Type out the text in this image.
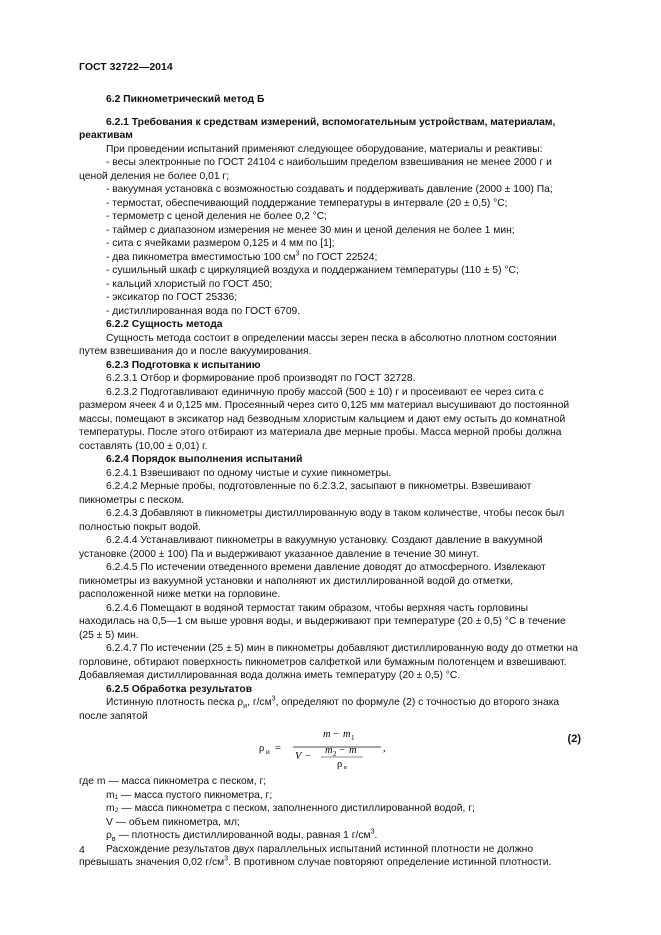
ГОСТ 32722—2014

6.2 Пикнометрический метод Б

6.2.1 Требования к средствам измерений, вспомогательным устройствам, материалам, реактивам

При проведении испытаний применяют следующее оборудование, материалы и реактивы:

- весы электронные по ГОСТ 24104 с наибольшим пределом взвешивания не менее 2000 г и ценой деления не более 0,01 г;

- вакуумная установка с возможностью создавать и поддерживать давление (2000 ± 100) Па;

- термостат, обеспечивающий поддержание температуры в интервале (20 ± 0,5) °С;

- термометр с ценой деления не более 0,2 °С;

- таймер с диапазоном измерения не менее 30 мин и ценой деления не более 1 мин;

- сита с ячейками размером 0,125 и 4 мм по [1];

- два пикнометра вместимостью 100 $см^3$ по ГОСТ 22524;

- сушильный шкаф с циркуляцией воздуха и поддержанием температуры (110 ± 5) °С;

- кальций хлористый по ГОСТ 450;

- эксикатор по ГОСТ 25336;

- дистиллированная вода по ГОСТ 6709.

6.2.2 Сущность метода

Сущность метода состоит в определении массы зерен песка в абсолютно плотном состоянии путем взвешивания до и после вакуумирования.

6.2.3 Подготовка к испытанию

6.2.3.1 Отбор и формирование проб производят по ГОСТ 32728.

6.2.3.2 Подготавливают единичную пробу массой (500 ± 10) г и просеивают ее через сита с размером ячеек 4 и 0,125 мм. Просеянный через сито 0,125 мм материал высушивают до постоянной массы, помещают в эксикатор над безводным хлористым кальцием и дают ему остыть до комнатной температуры. После этого отбирают из материала две мерные пробы. Масса мерной пробы должна составлять (10,00 ± 0,01) г.

6.2.4 Порядок выполнения испытаний

6.2.4.1 Взвешивают по одному чистые и сухие пикнометры.

6.2.4.2 Мерные пробы, подготовленные по 6.2.3.2, засыпают в пикнометры. Взвешивают пикнометры с песком.

6.2.4.3 Добавляют в пикнометры дистиллированную воду в таком количестве, чтобы песок был полностью покрыт водой.

6.2.4.4 Устанавливают пикнометры в вакуумную установку. Создают давление в вакуумной установке (2000 ± 100) Па и выдерживают указанное давление в течение 30 минут.

6.2.4.5 По истечении отведенного времени давление доводят до атмосферного. Извлекают пикнометры из вакуумной установки и наполняют их дистиллированной водой до отметки, расположенной ниже метки на горловине.

6.2.4.6 Помещают в водяной термостат таким образом, чтобы верхняя часть горловины находилась на 0,5—1 см выше уровня воды, и выдерживают при температуре (20 ± 0,5) °С в течение (25 ± 5) мин.

6.2.4.7 По истечении (25 ± 5) мин в пикнометры добавляют дистиллированную воду до отметки на горловине, обтирают поверхность пикнометров салфеткой или бумажным полотенцем и взвешивают. Добавляемая дистиллированная вода должна иметь температуру (20 ± 0,5) °С.

6.2.5 Обработка результатов

Истинную плотность песка $\rho_и$, $г/см^3$, определяют по формуле (2) с точностью до второго знака после запятой

ρ и =
m − m 1
V −
m 2 − m
ρ в
,
(2)

где m — масса пикнометра с песком, г;

m₁ — масса пустого пикнометра, г;

m₂ — масса пикнометра с песком, заполненного дистиллированной водой, г;

V — объем пикнометра, мл;

$\rho_в$ — плотность дистиллированной воды, равная 1 $г/см^3$.

Расхождение результатов двух параллельных испытаний истинной плотности не должно превышать значения 0,02 $г/см^3$. В противном случае повторяют определение истинной плотности.

4
